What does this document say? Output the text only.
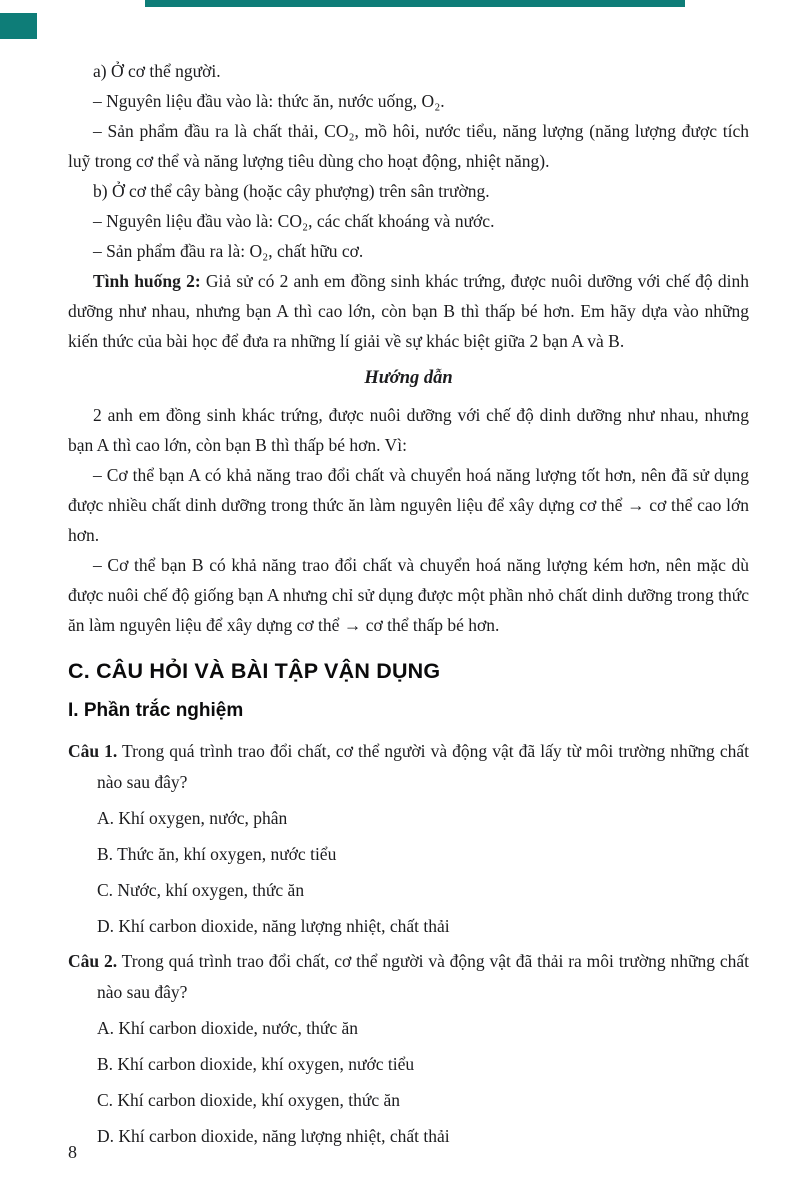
a) Ở cơ thể người.

– Nguyên liệu đầu vào là: thức ăn, nước uống, O₂.

– Sản phẩm đầu ra là chất thải, CO₂, mồ hôi, nước tiểu, năng lượng (năng lượng được tích luỹ trong cơ thể và năng lượng tiêu dùng cho hoạt động, nhiệt năng).

b) Ở cơ thể cây bàng (hoặc cây phượng) trên sân trường.

– Nguyên liệu đầu vào là: CO₂, các chất khoáng và nước.

– Sản phẩm đầu ra là: O₂, chất hữu cơ.

Tình huống 2: Giả sử có 2 anh em đồng sinh khác trứng, được nuôi dưỡng với chế độ dinh dưỡng như nhau, nhưng bạn A thì cao lớn, còn bạn B thì thấp bé hơn. Em hãy dựa vào những kiến thức của bài học để đưa ra những lí giải về sự khác biệt giữa 2 bạn A và B.

Hướng dẫn

2 anh em đồng sinh khác trứng, được nuôi dưỡng với chế độ dinh dưỡng như nhau, nhưng bạn A thì cao lớn, còn bạn B thì thấp bé hơn. Vì:

– Cơ thể bạn A có khả năng trao đổi chất và chuyển hoá năng lượng tốt hơn, nên đã sử dụng được nhiều chất dinh dưỡng trong thức ăn làm nguyên liệu để xây dựng cơ thể → cơ thể cao lớn hơn.

– Cơ thể bạn B có khả năng trao đổi chất và chuyển hoá năng lượng kém hơn, nên mặc dù được nuôi chế độ giống bạn A nhưng chỉ sử dụng được một phần nhỏ chất dinh dưỡng trong thức ăn làm nguyên liệu để xây dựng cơ thể → cơ thể thấp bé hơn.

C. CÂU HỎI VÀ BÀI TẬP VẬN DỤNG
I. Phần trắc nghiệm

Câu 1. Trong quá trình trao đổi chất, cơ thể người và động vật đã lấy từ môi trường những chất nào sau đây?

A. Khí oxygen, nước, phân
B. Thức ăn, khí oxygen, nước tiểu
C. Nước, khí oxygen, thức ăn
D. Khí carbon dioxide, năng lượng nhiệt, chất thải

Câu 2. Trong quá trình trao đổi chất, cơ thể người và động vật đã thải ra môi trường những chất nào sau đây?

A. Khí carbon dioxide, nước, thức ăn
B. Khí carbon dioxide, khí oxygen, nước tiểu
C. Khí carbon dioxide, khí oxygen, thức ăn
D. Khí carbon dioxide, năng lượng nhiệt, chất thải
8
